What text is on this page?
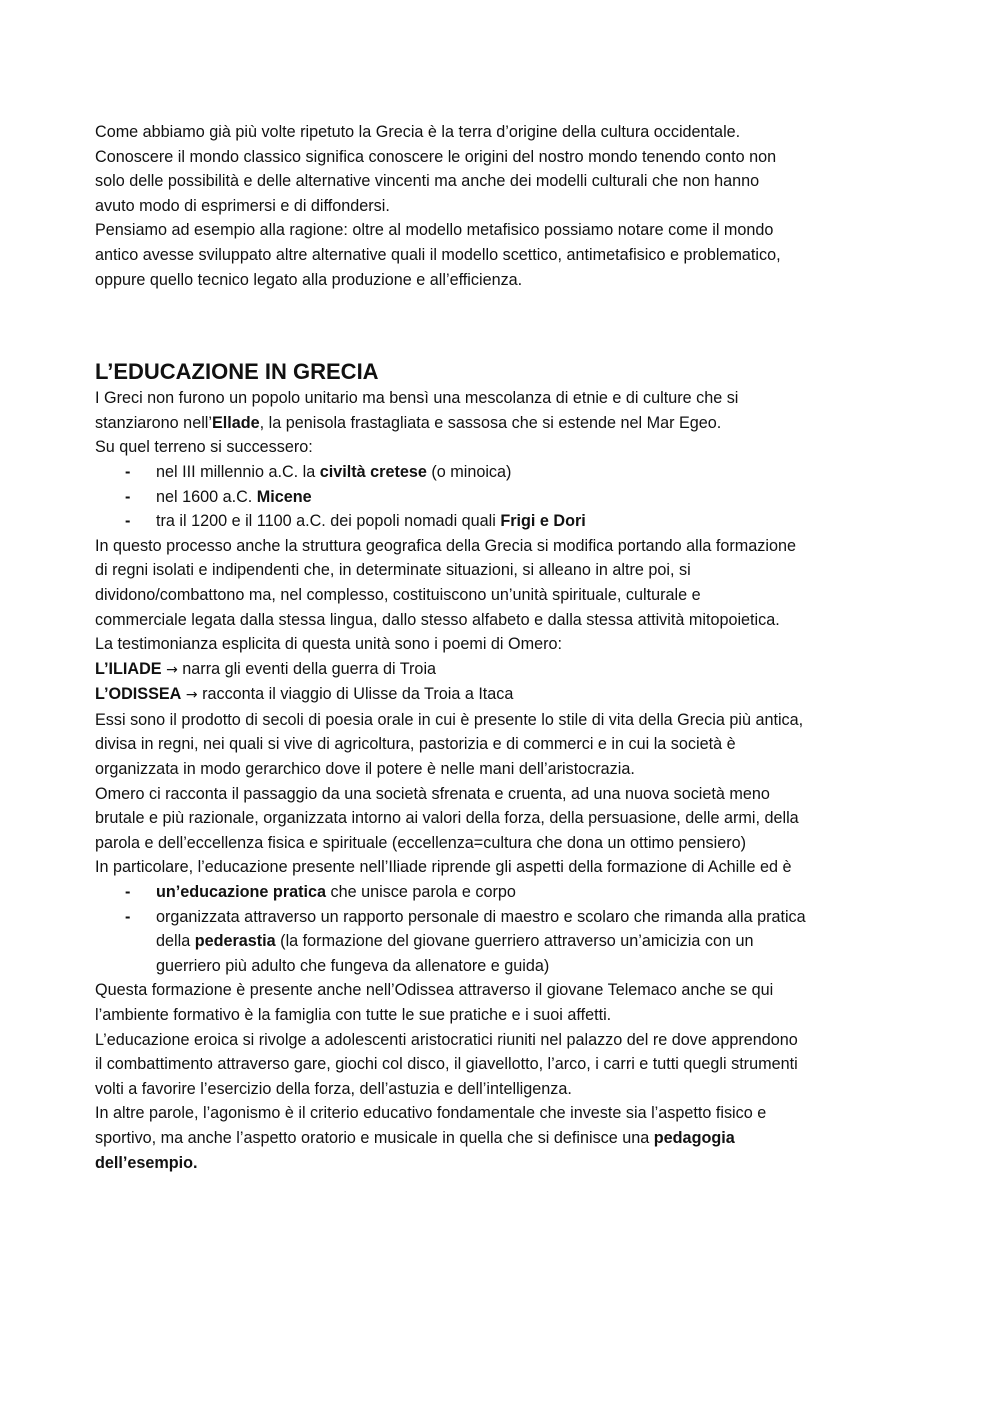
Come abbiamo già più volte ripetuto la Grecia è la terra d’origine della cultura occidentale.
Conoscere il mondo classico significa conoscere le origini del nostro mondo tenendo conto non
solo delle possibilità e delle alternative vincenti ma anche dei modelli culturali che non hanno
avuto modo di esprimersi e di diffondersi.
Pensiamo ad esempio alla ragione: oltre al modello metafisico possiamo notare come il mondo
antico avesse sviluppato altre alternative quali il modello scettico, antimetafisico e problematico,
oppure quello tecnico legato alla produzione e all’efficienza.
L’EDUCAZIONE IN GRECIA
I Greci non furono un popolo unitario ma bensì una mescolanza di etnie e di culture che si
stanziarono nell’Ellade, la penisola frastagliata e sassosa che si estende nel Mar Egeo.
Su quel terreno si successero:
- nel III millennio a.C. la civiltà cretese (o minoica)
- nel 1600 a.C. Micene
- tra il 1200 e il 1100 a.C. dei popoli nomadi quali Frigi e Dori
In questo processo anche la struttura geografica della Grecia si modifica portando alla formazione
di regni isolati e indipendenti che, in determinate situazioni, si alleano in altre poi, si
dividono/combattono ma, nel complesso, costituiscono un’unità spirituale, culturale e
commerciale legata dalla stessa lingua, dallo stesso alfabeto e dalla stessa attività mitopoietica.
La testimonianza esplicita di questa unità sono i poemi di Omero:
L’ILIADE → narra gli eventi della guerra di Troia
L’ODISSEA → racconta il viaggio di Ulisse da Troia a Itaca
Essi sono il prodotto di secoli di poesia orale in cui è presente lo stile di vita della Grecia più antica,
divisa in regni, nei quali si vive di agricoltura, pastorizia e di commerci e in cui la società è
organizzata in modo gerarchico dove il potere è nelle mani dell’aristocrazia.
Omero ci racconta il passaggio da una società sfrenata e cruenta, ad una nuova società meno
brutale e più razionale, organizzata intorno ai valori della forza, della persuasione, delle armi, della
parola e dell’eccellenza fisica e spirituale (eccellenza=cultura che dona un ottimo pensiero)
In particolare, l’educazione presente nell’Iliade riprende gli aspetti della formazione di Achille ed è
- un’educazione pratica che unisce parola e corpo
- organizzata attraverso un rapporto personale di maestro e scolaro che rimanda alla pratica
della pederastia (la formazione del giovane guerriero attraverso un’amicizia con un
guerriero più adulto che fungeva da allenatore e guida)
Questa formazione è presente anche nell’Odissea attraverso il giovane Telemaco anche se qui
l’ambiente formativo è la famiglia con tutte le sue pratiche e i suoi affetti.
L’educazione eroica si rivolge a adolescenti aristocratici riuniti nel palazzo del re dove apprendono
il combattimento attraverso gare, giochi col disco, il giavellotto, l’arco, i carri e tutti quegli strumenti
volti a favorire l’esercizio della forza, dell’astuzia e dell’intelligenza.
In altre parole, l’agonismo è il criterio educativo fondamentale che investe sia l’aspetto fisico e
sportivo, ma anche l’aspetto oratorio e musicale in quella che si definisce una pedagogia
dell’esempio.
